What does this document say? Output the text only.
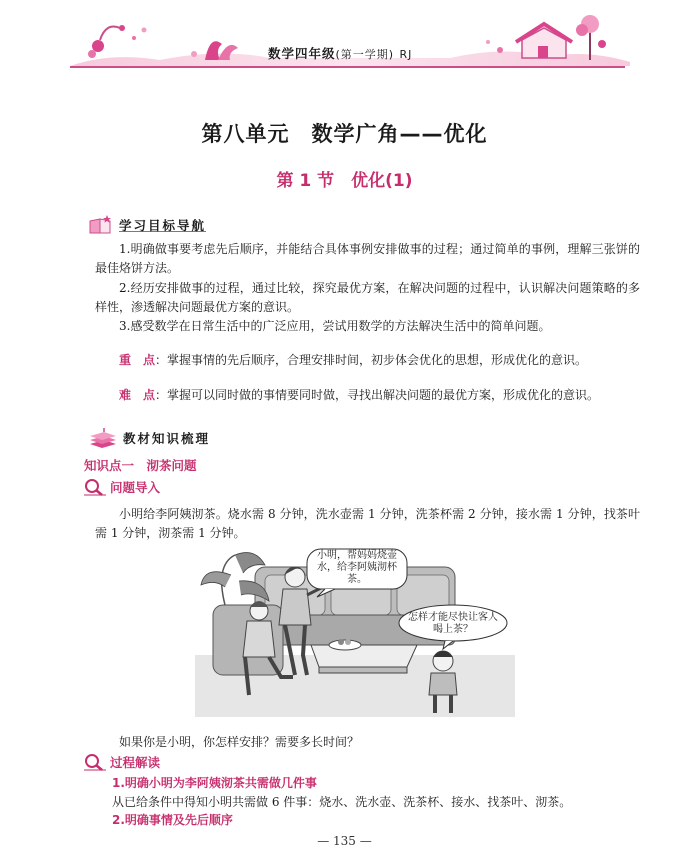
数学四年级(第一学期) RJ
第八单元　数学广角——优化
第 1 节　优化(1)
学习目标导航
1.明确做事要考虑先后顺序，并能结合具体事例安排做事的过程；通过简单的事例，理解三张饼的最佳烙饼方法。
2.经历安排做事的过程，通过比较，探究最优方案，在解决问题的过程中，认识解决问题策略的多样性，渗透解决问题最优方案的意识。
3.感受数学在日常生活中的广泛应用，尝试用数学的方法解决生活中的简单问题。
重　点：掌握事情的先后顺序，合理安排时间，初步体会优化的思想，形成优化的意识。
难　点：掌握可以同时做的事情要同时做，寻找出解决问题的最优方案，形成优化的意识。
教材知识梳理
知识点一　沏茶问题
问题导入
小明给李阿姨沏茶。烧水需 8 分钟，洗水壶需 1 分钟，洗茶杯需 2 分钟，接水需 1 分钟，找茶叶需 1 分钟，沏茶需 1 分钟。
小明，帮妈妈烧壶水，给李阿姨沏杯茶。
怎样才能尽快让客人喝上茶？
如果你是小明，你怎样安排？需要多长时间？
过程解读
1.明确小明为李阿姨沏茶共需做几件事
从已给条件中得知小明共需做 6 件事：烧水、洗水壶、洗茶杯、接水、找茶叶、沏茶。
2.明确事情及先后顺序
— 135 —
